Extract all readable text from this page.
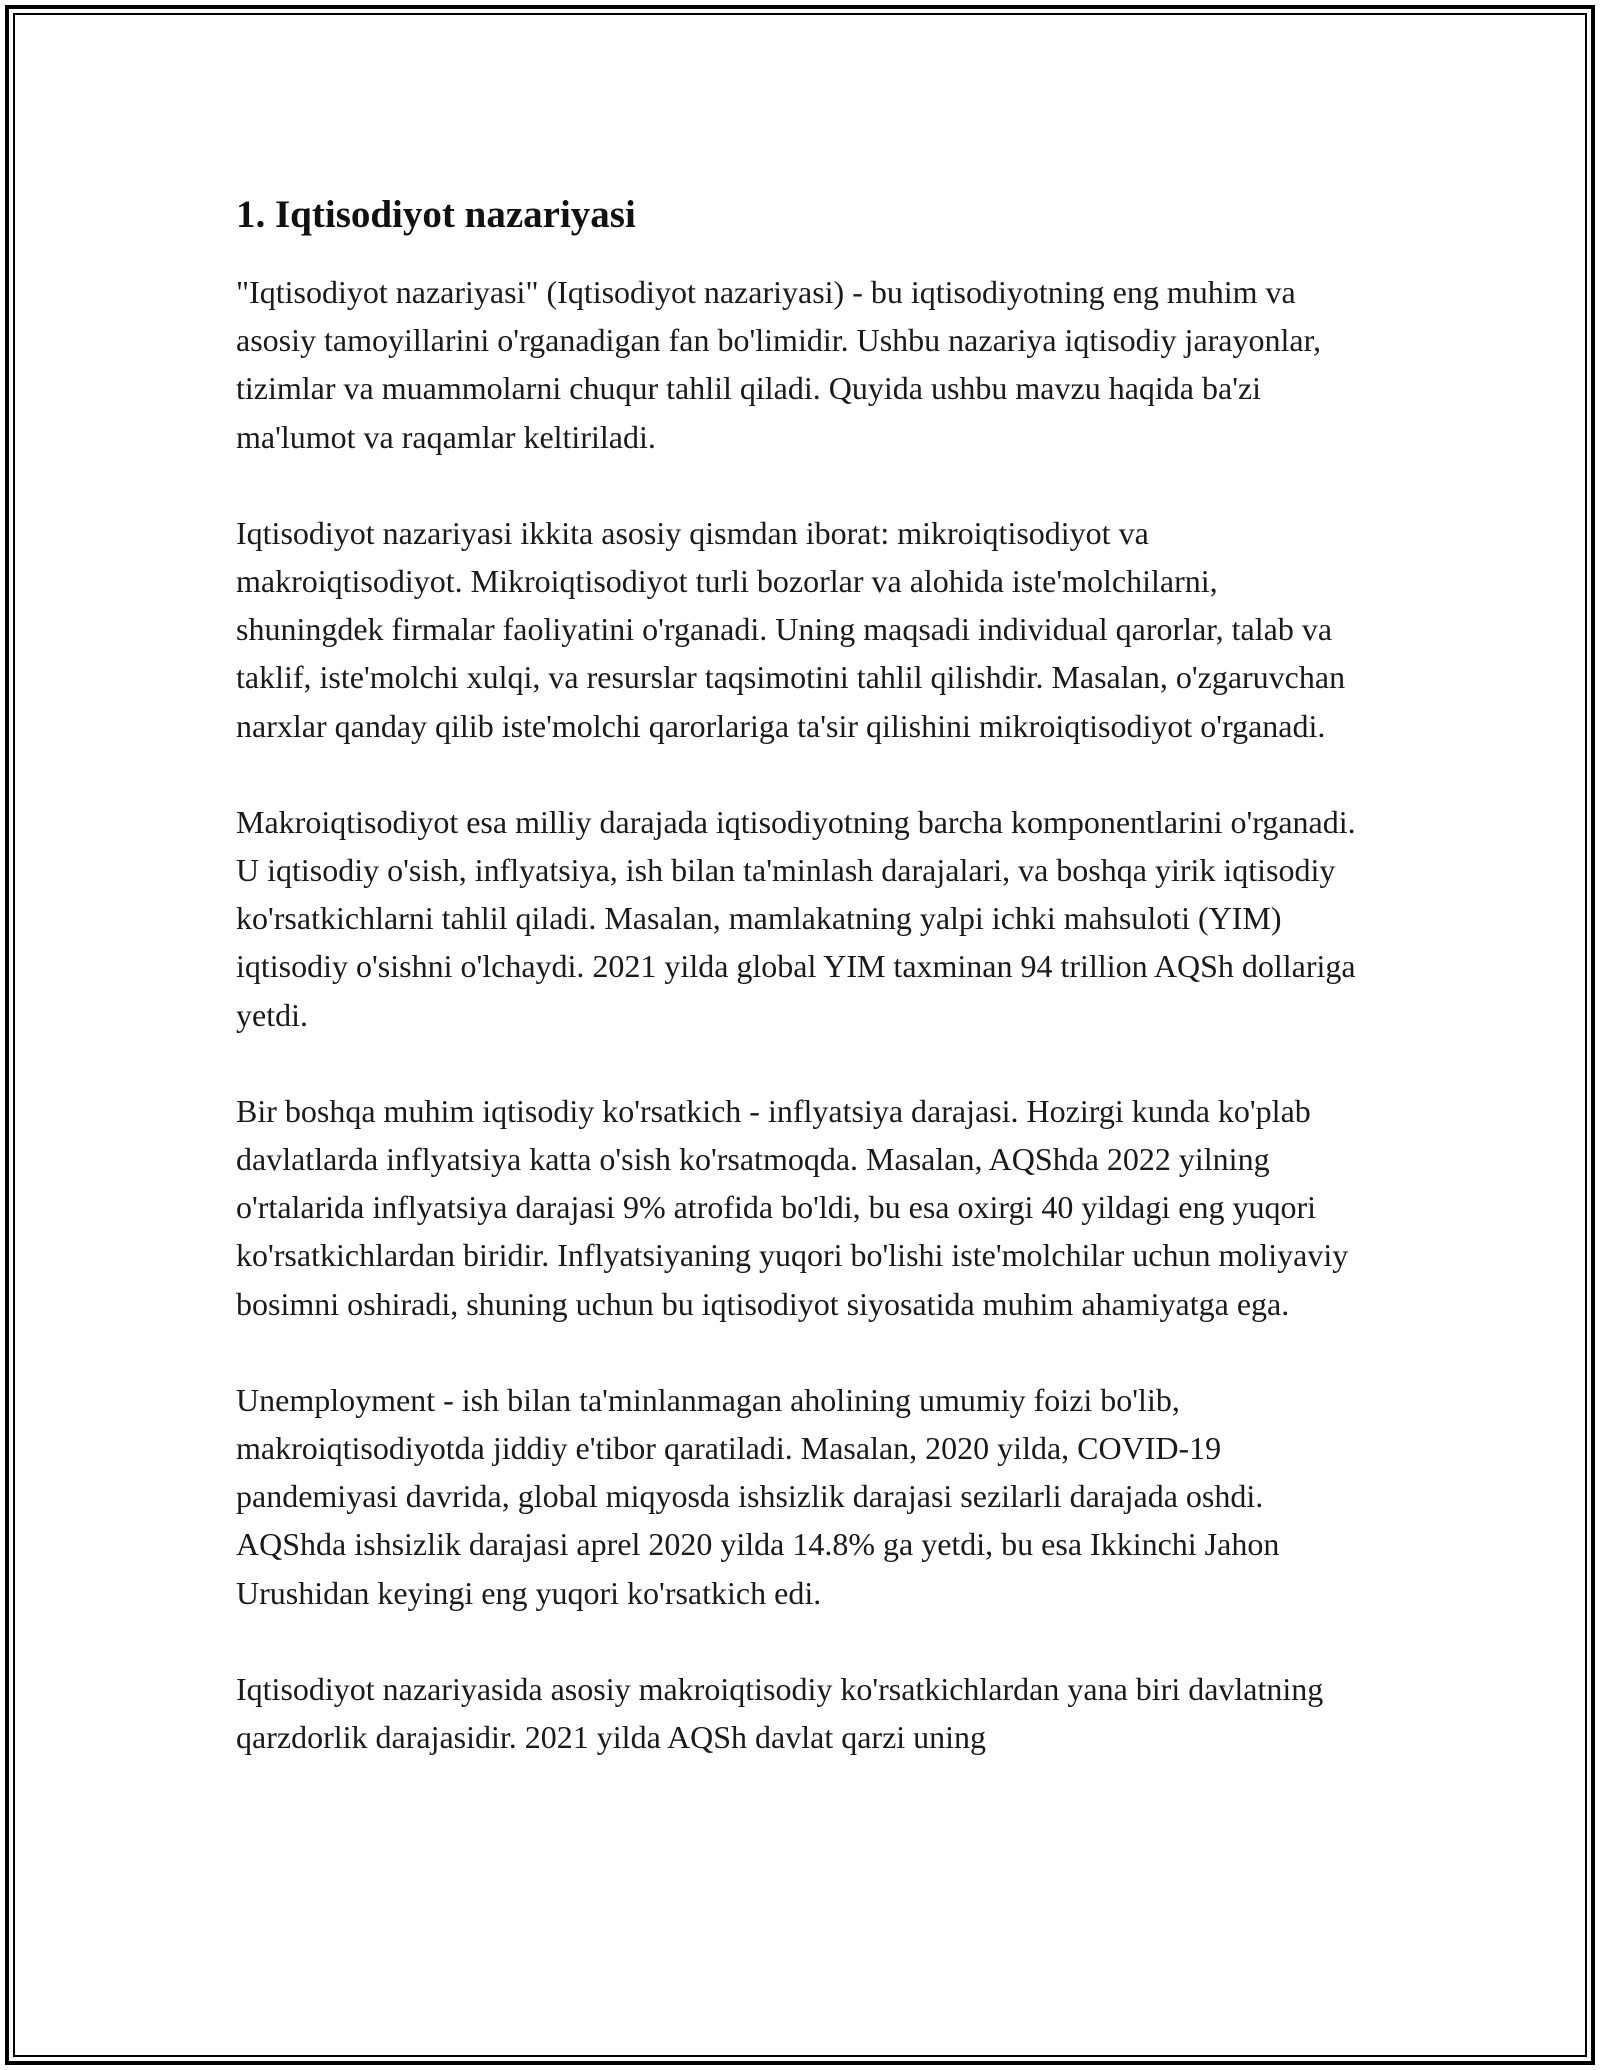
1. Iqtisodiyot nazariyasi

"Iqtisodiyot nazariyasi" (Iqtisodiyot nazariyasi) - bu iqtisodiyotning eng muhim va asosiy tamoyillarini o'rganadigan fan bo'limidir. Ushbu nazariya iqtisodiy jarayonlar, tizimlar va muammolarni chuqur tahlil qiladi. Quyida ushbu mavzu haqida ba'zi ma'lumot va raqamlar keltiriladi.

Iqtisodiyot nazariyasi ikkita asosiy qismdan iborat: mikroiqtisodiyot va makroiqtisodiyot. Mikroiqtisodiyot turli bozorlar va alohida iste'molchilarni, shuningdek firmalar faoliyatini o'rganadi. Uning maqsadi individual qarorlar, talab va taklif, iste'molchi xulqi, va resurslar taqsimotini tahlil qilishdir. Masalan, o'zgaruvchan narxlar qanday qilib iste'molchi qarorlariga ta'sir qilishini mikroiqtisodiyot o'rganadi.

Makroiqtisodiyot esa milliy darajada iqtisodiyotning barcha komponentlarini o'rganadi. U iqtisodiy o'sish, inflyatsiya, ish bilan ta'minlash darajalari, va boshqa yirik iqtisodiy ko'rsatkichlarni tahlil qiladi. Masalan, mamlakatning yalpi ichki mahsuloti (YIM) iqtisodiy o'sishni o'lchaydi. 2021 yilda global YIM taxminan 94 trillion AQSh dollariga yetdi.

Bir boshqa muhim iqtisodiy ko'rsatkich - inflyatsiya darajasi. Hozirgi kunda ko'plab davlatlarda inflyatsiya katta o'sish ko'rsatmoqda. Masalan, AQShda 2022 yilning o'rtalarida inflyatsiya darajasi 9% atrofida bo'ldi, bu esa oxirgi 40 yildagi eng yuqori ko'rsatkichlardan biridir. Inflyatsiyaning yuqori bo'lishi iste'molchilar uchun moliyaviy bosimni oshiradi, shuning uchun bu iqtisodiyot siyosatida muhim ahamiyatga ega.

Unemployment - ish bilan ta'minlanmagan aholining umumiy foizi bo'lib, makroiqtisodiyotda jiddiy e'tibor qaratiladi. Masalan, 2020 yilda, COVID-19 pandemiyasi davrida, global miqyosda ishsizlik darajasi sezilarli darajada oshdi. AQShda ishsizlik darajasi aprel 2020 yilda 14.8% ga yetdi, bu esa Ikkinchi Jahon Urushidan keyingi eng yuqori ko'rsatkich edi.

Iqtisodiyot nazariyasida asosiy makroiqtisodiy ko'rsatkichlardan yana biri davlatning qarzdorlik darajasidir. 2021 yilda AQSh davlat qarzi uning
